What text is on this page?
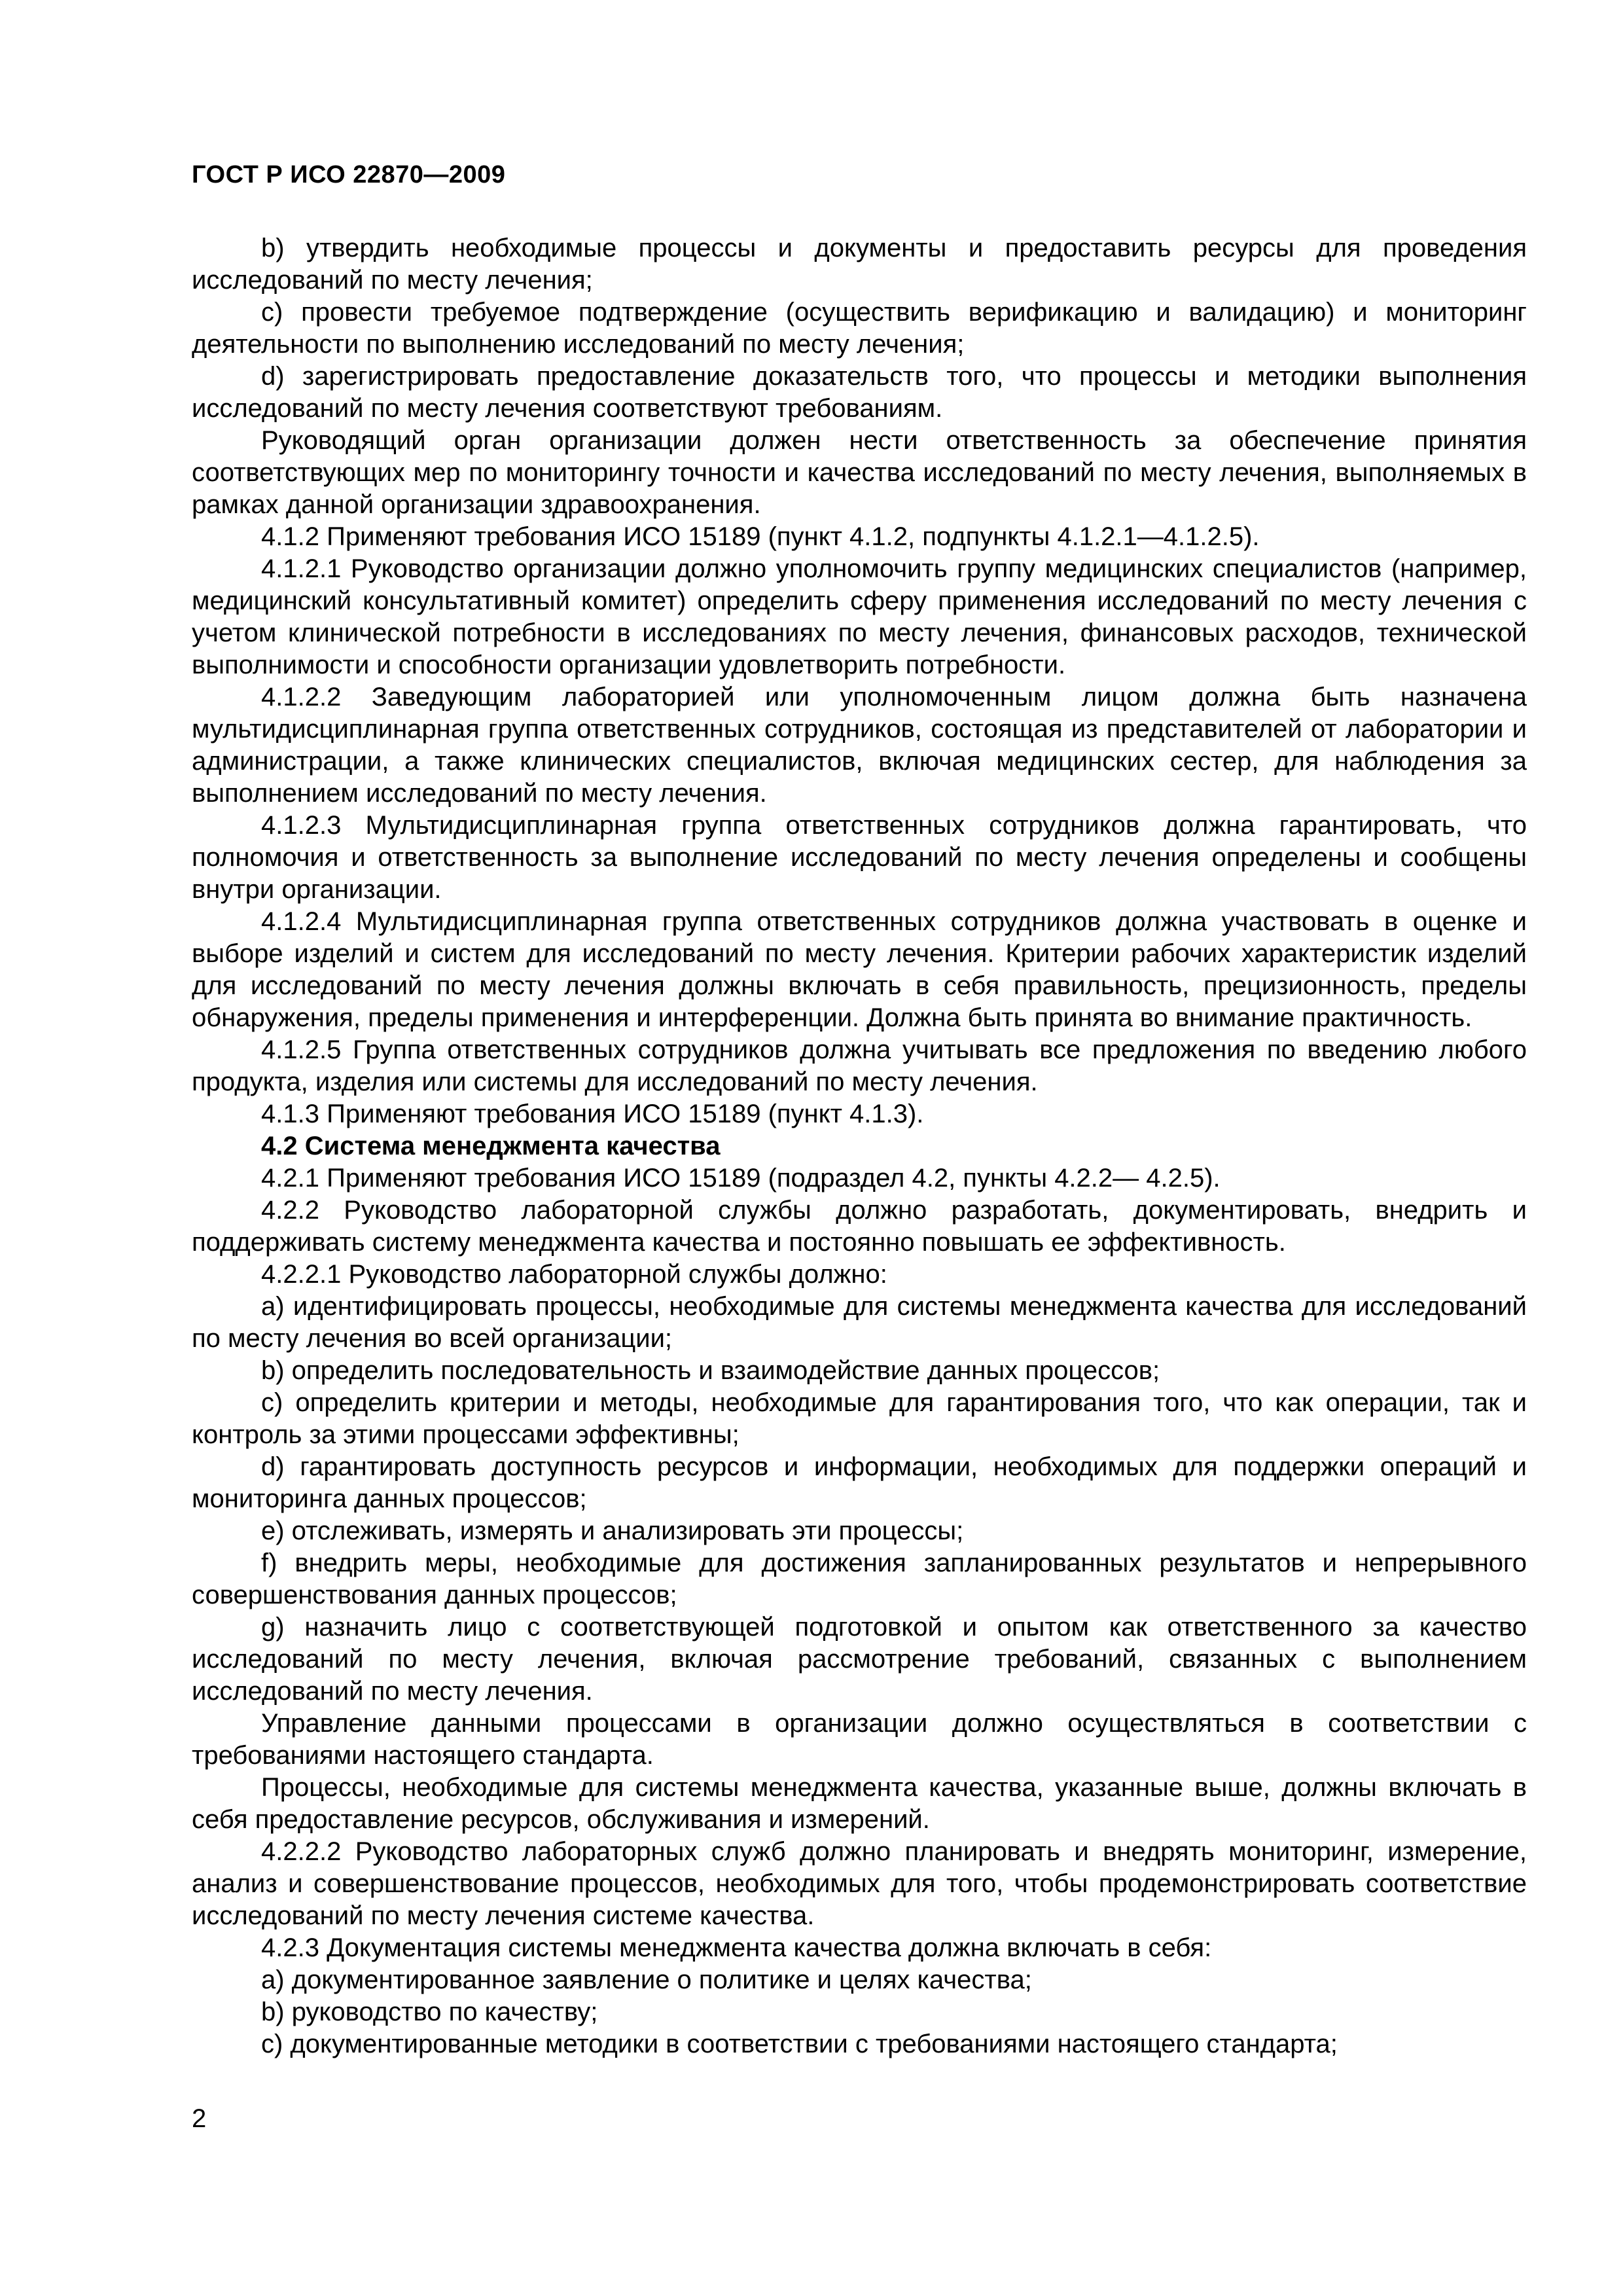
ГОСТ Р ИСО 22870—2009

b) утвердить необходимые процессы и документы и предоставить ресурсы для проведения исследований по месту лечения;

c) провести требуемое подтверждение (осуществить верификацию и валидацию) и мониторинг деятельности по выполнению исследований по месту лечения;

d) зарегистрировать предоставление доказательств того, что процессы и методики выполнения исследований по месту лечения соответствуют требованиям.

Руководящий орган организации должен нести ответственность за обеспечение принятия соответствующих мер по мониторингу точности и качества исследований по месту лечения, выполняемых в рамках данной организации здравоохранения.

4.1.2 Применяют требования ИСО 15189 (пункт 4.1.2, подпункты 4.1.2.1—4.1.2.5).

4.1.2.1 Руководство организации должно уполномочить группу медицинских специалистов (например, медицинский консультативный комитет) определить сферу применения исследований по месту лечения с учетом клинической потребности в исследованиях по месту лечения, финансовых расходов, технической выполнимости и способности организации удовлетворить потребности.

4.1.2.2 Заведующим лабораторией или уполномоченным лицом должна быть назначена мультидисциплинарная группа ответственных сотрудников, состоящая из представителей от лаборатории и администрации, а также клинических специалистов, включая медицинских сестер, для наблюдения за выполнением исследований по месту лечения.

4.1.2.3 Мультидисциплинарная группа ответственных сотрудников должна гарантировать, что полномочия и ответственность за выполнение исследований по месту лечения определены и сообщены внутри организации.

4.1.2.4 Мультидисциплинарная группа ответственных сотрудников должна участвовать в оценке и выборе изделий и систем для исследований по месту лечения. Критерии рабочих характеристик изделий для исследований по месту лечения должны включать в себя правильность, прецизионность, пределы обнаружения, пределы применения и интерференции. Должна быть принята во внимание практичность.

4.1.2.5 Группа ответственных сотрудников должна учитывать все предложения по введению любого продукта, изделия или системы для исследований по месту лечения.

4.1.3 Применяют требования ИСО 15189 (пункт 4.1.3).

4.2 Система менеджмента качества

4.2.1 Применяют требования ИСО 15189 (подраздел 4.2, пункты 4.2.2— 4.2.5).

4.2.2 Руководство лабораторной службы должно разработать, документировать, внедрить и поддерживать систему менеджмента качества и постоянно повышать ее эффективность.

4.2.2.1 Руководство лабораторной службы должно:

a) идентифицировать процессы, необходимые для системы менеджмента качества для исследований по месту лечения во всей организации;

b) определить последовательность и взаимодействие данных процессов;

c) определить критерии и методы, необходимые для гарантирования того, что как операции, так и контроль за этими процессами эффективны;

d) гарантировать доступность ресурсов и информации, необходимых для поддержки операций и мониторинга данных процессов;

e) отслеживать, измерять и анализировать эти процессы;

f) внедрить меры, необходимые для достижения запланированных результатов и непрерывного совершенствования данных процессов;

g) назначить лицо с соответствующей подготовкой и опытом как ответственного за качество исследований по месту лечения, включая рассмотрение требований, связанных с выполнением исследований по месту лечения.

Управление данными процессами в организации должно осуществляться в соответствии с требованиями настоящего стандарта.

Процессы, необходимые для системы менеджмента качества, указанные выше, должны включать в себя предоставление ресурсов, обслуживания и измерений.

4.2.2.2 Руководство лабораторных служб должно планировать и внедрять мониторинг, измерение, анализ и совершенствование процессов, необходимых для того, чтобы продемонстрировать соответствие исследований по месту лечения системе качества.

4.2.3 Документация системы менеджмента качества должна включать в себя:

a) документированное заявление о политике и целях качества;

b) руководство по качеству;

c) документированные методики в соответствии с требованиями настоящего стандарта;

2
